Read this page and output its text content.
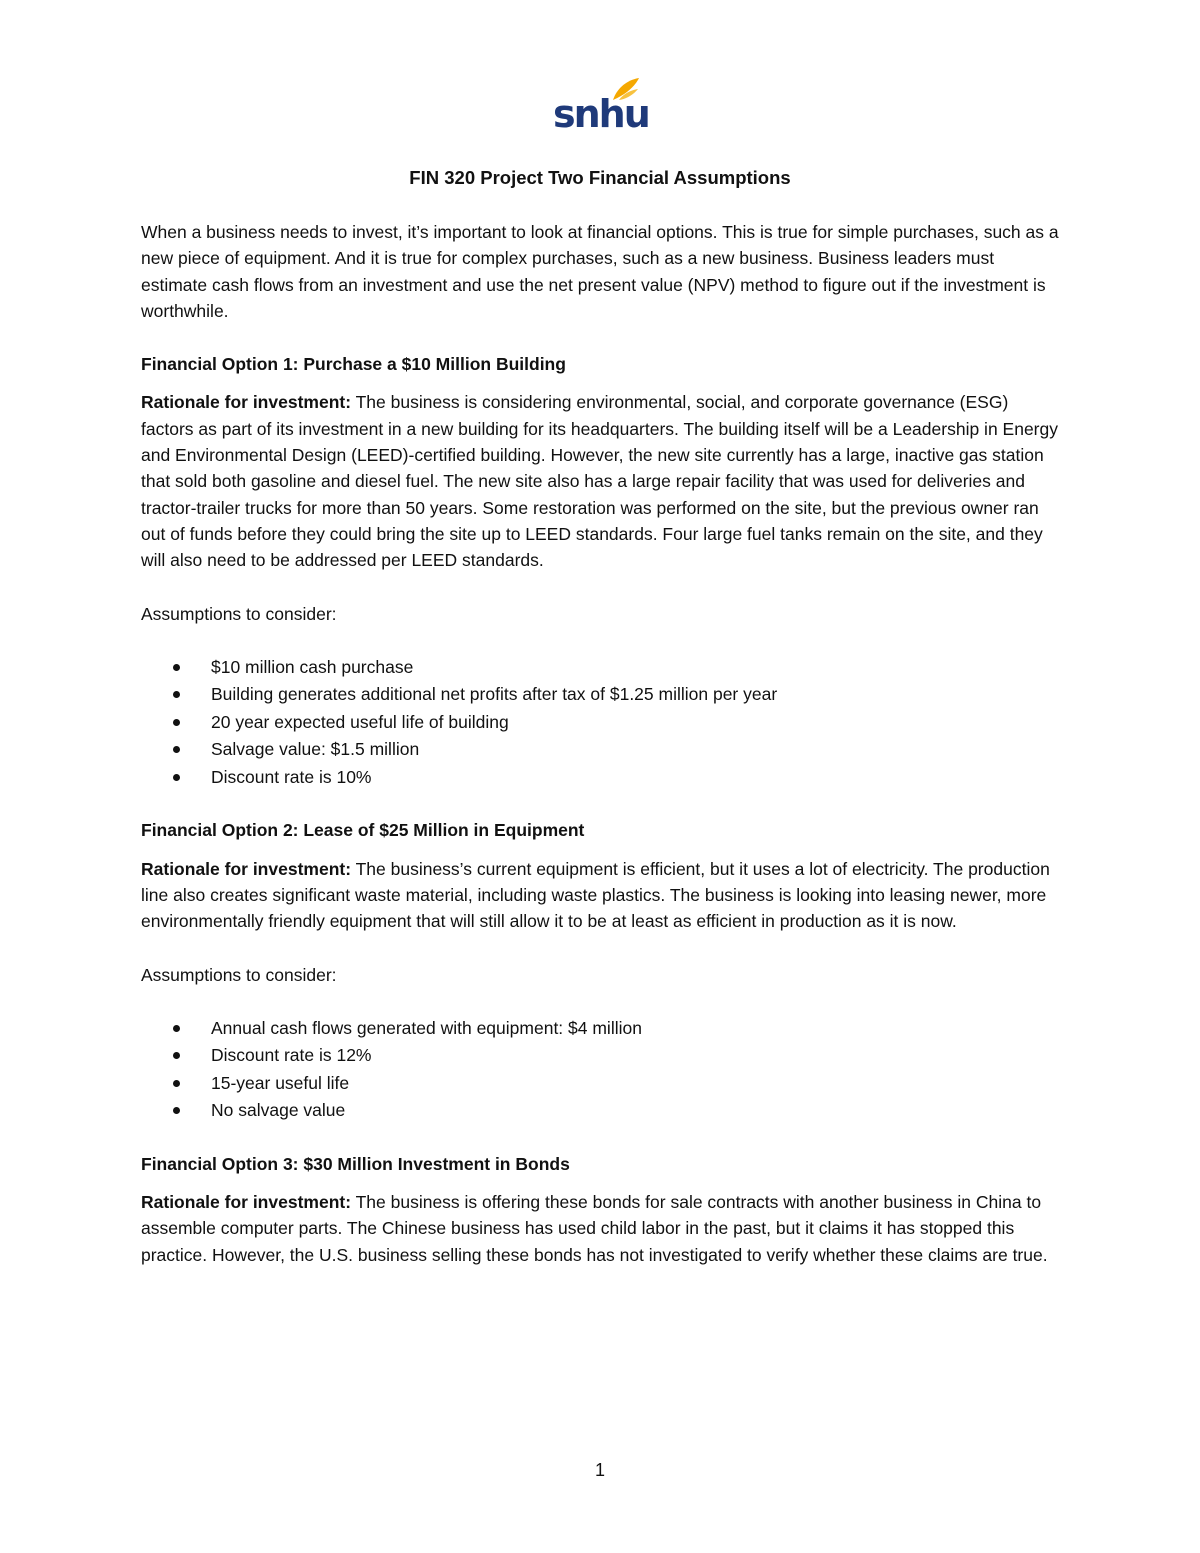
snhu
FIN 320 Project Two Financial Assumptions

When a business needs to invest, it’s important to look at financial options. This is true for simple purchases, such as a new piece of equipment. And it is true for complex purchases, such as a new business. Business leaders must estimate cash flows from an investment and use the net present value (NPV) method to figure out if the investment is worthwhile.

Financial Option 1: Purchase a $10 Million Building

Rationale for investment: The business is considering environmental, social, and corporate governance (ESG) factors as part of its investment in a new building for its headquarters. The building itself will be a Leadership in Energy and Environmental Design (LEED)-certified building. However, the new site currently has a large, inactive gas station that sold both gasoline and diesel fuel. The new site also has a large repair facility that was used for deliveries and tractor-trailer trucks for more than 50 years. Some restoration was performed on the site, but the previous owner ran out of funds before they could bring the site up to LEED standards. Four large fuel tanks remain on the site, and they will also need to be addressed per LEED standards.

Assumptions to consider:

$10 million cash purchase
Building generates additional net profits after tax of $1.25 million per year
20 year expected useful life of building
Salvage value: $1.5 million
Discount rate is 10%

Financial Option 2: Lease of $25 Million in Equipment

Rationale for investment: The business’s current equipment is efficient, but it uses a lot of electricity. The production line also creates significant waste material, including waste plastics. The business is looking into leasing newer, more environmentally friendly equipment that will still allow it to be at least as efficient in production as it is now.

Assumptions to consider:

Annual cash flows generated with equipment: $4 million
Discount rate is 12%
15-year useful life
No salvage value

Financial Option 3: $30 Million Investment in Bonds

Rationale for investment: The business is offering these bonds for sale contracts with another business in China to assemble computer parts. The Chinese business has used child labor in the past, but it claims it has stopped this practice. However, the U.S. business selling these bonds has not investigated to verify whether these claims are true.

1
